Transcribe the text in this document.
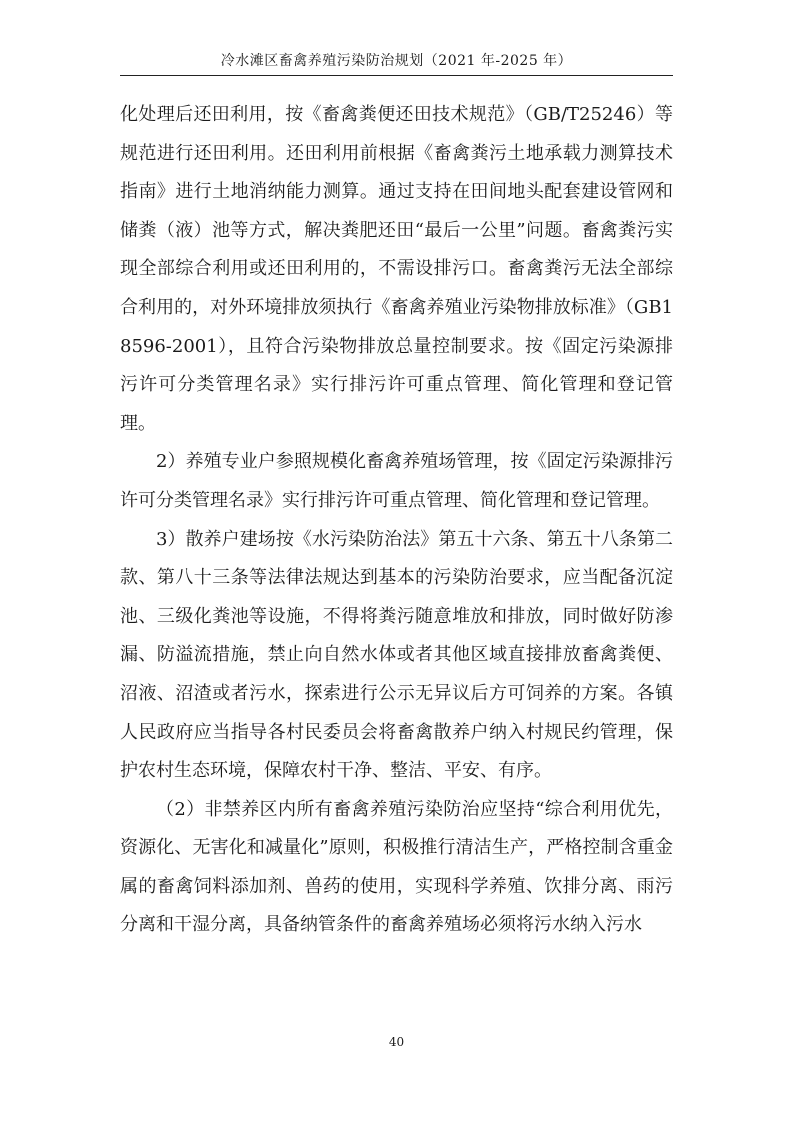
冷水滩区畜禽养殖污染防治规划（2021 年-2025 年）

化处理后还田利用，按《畜禽粪便还田技术规范》（GB/T25246）等规范进行还田利用。还田利用前根据《畜禽粪污土地承载力测算技术指南》进行土地消纳能力测算。通过支持在田间地头配套建设管网和储粪（液）池等方式，解决粪肥还田“最后一公里”问题。畜禽粪污实现全部综合利用或还田利用的，不需设排污口。畜禽粪污无法全部综合利用的，对外环境排放须执行《畜禽养殖业污染物排放标准》（GB18596-2001），且符合污染物排放总量控制要求。按《固定污染源排污许可分类管理名录》实行排污许可重点管理、简化管理和登记管理。

2）养殖专业户参照规模化畜禽养殖场管理，按《固定污染源排污许可分类管理名录》实行排污许可重点管理、简化管理和登记管理。

3）散养户建场按《水污染防治法》第五十六条、第五十八条第二款、第八十三条等法律法规达到基本的污染防治要求，应当配备沉淀池、三级化粪池等设施，不得将粪污随意堆放和排放，同时做好防渗漏、防溢流措施，禁止向自然水体或者其他区域直接排放畜禽粪便、沼液、沼渣或者污水，探索进行公示无异议后方可饲养的方案。各镇人民政府应当指导各村民委员会将畜禽散养户纳入村规民约管理，保护农村生态环境，保障农村干净、整洁、平安、有序。

（2）非禁养区内所有畜禽养殖污染防治应坚持“综合利用优先，资源化、无害化和减量化”原则，积极推行清洁生产，严格控制含重金属的畜禽饲料添加剂、兽药的使用，实现科学养殖、饮排分离、雨污分离和干湿分离，具备纳管条件的畜禽养殖场必须将污水纳入污水

40
